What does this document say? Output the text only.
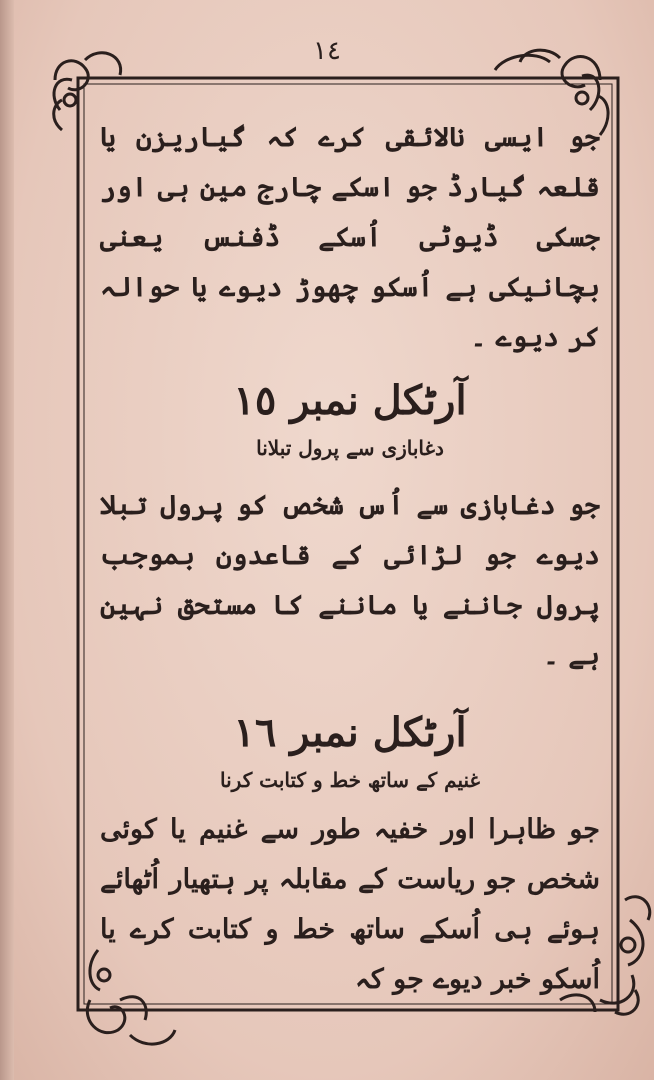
١٤
جو ایسی نالائقی کرے کہ گیاریزن یا قلعہ گیارڈ جو اسکے چارج مین ہی اور جسکی ڈیوٹی اُسکے ڈفنس یعنی بچانیکی ہے اُسکو چھوڑ دیوے یا حوالہ کر دیوے ۔
آرٹکل نمبر ١٥
دغابازی سے پرول تبلانا
جو دغابازی سے اُس شخص کو پرول تبلا دیوے جو لڑائی کے قاعدون بموجب پرول جاننے یا ماننے کا مستحق نہین ہے ۔
آرٹکل نمبر ١٦
غنیم کے ساتھ خط و کتابت کرنا
جو ظاہرا اور خفیہ طور سے غنیم یا کوئی شخص جو ریاست کے مقابلہ پر ہتھیار اُٹھائے ہوئے ہی اُسکے ساتھ خط و کتابت کرے یا اُسکو خبر دیوے جو کہ
